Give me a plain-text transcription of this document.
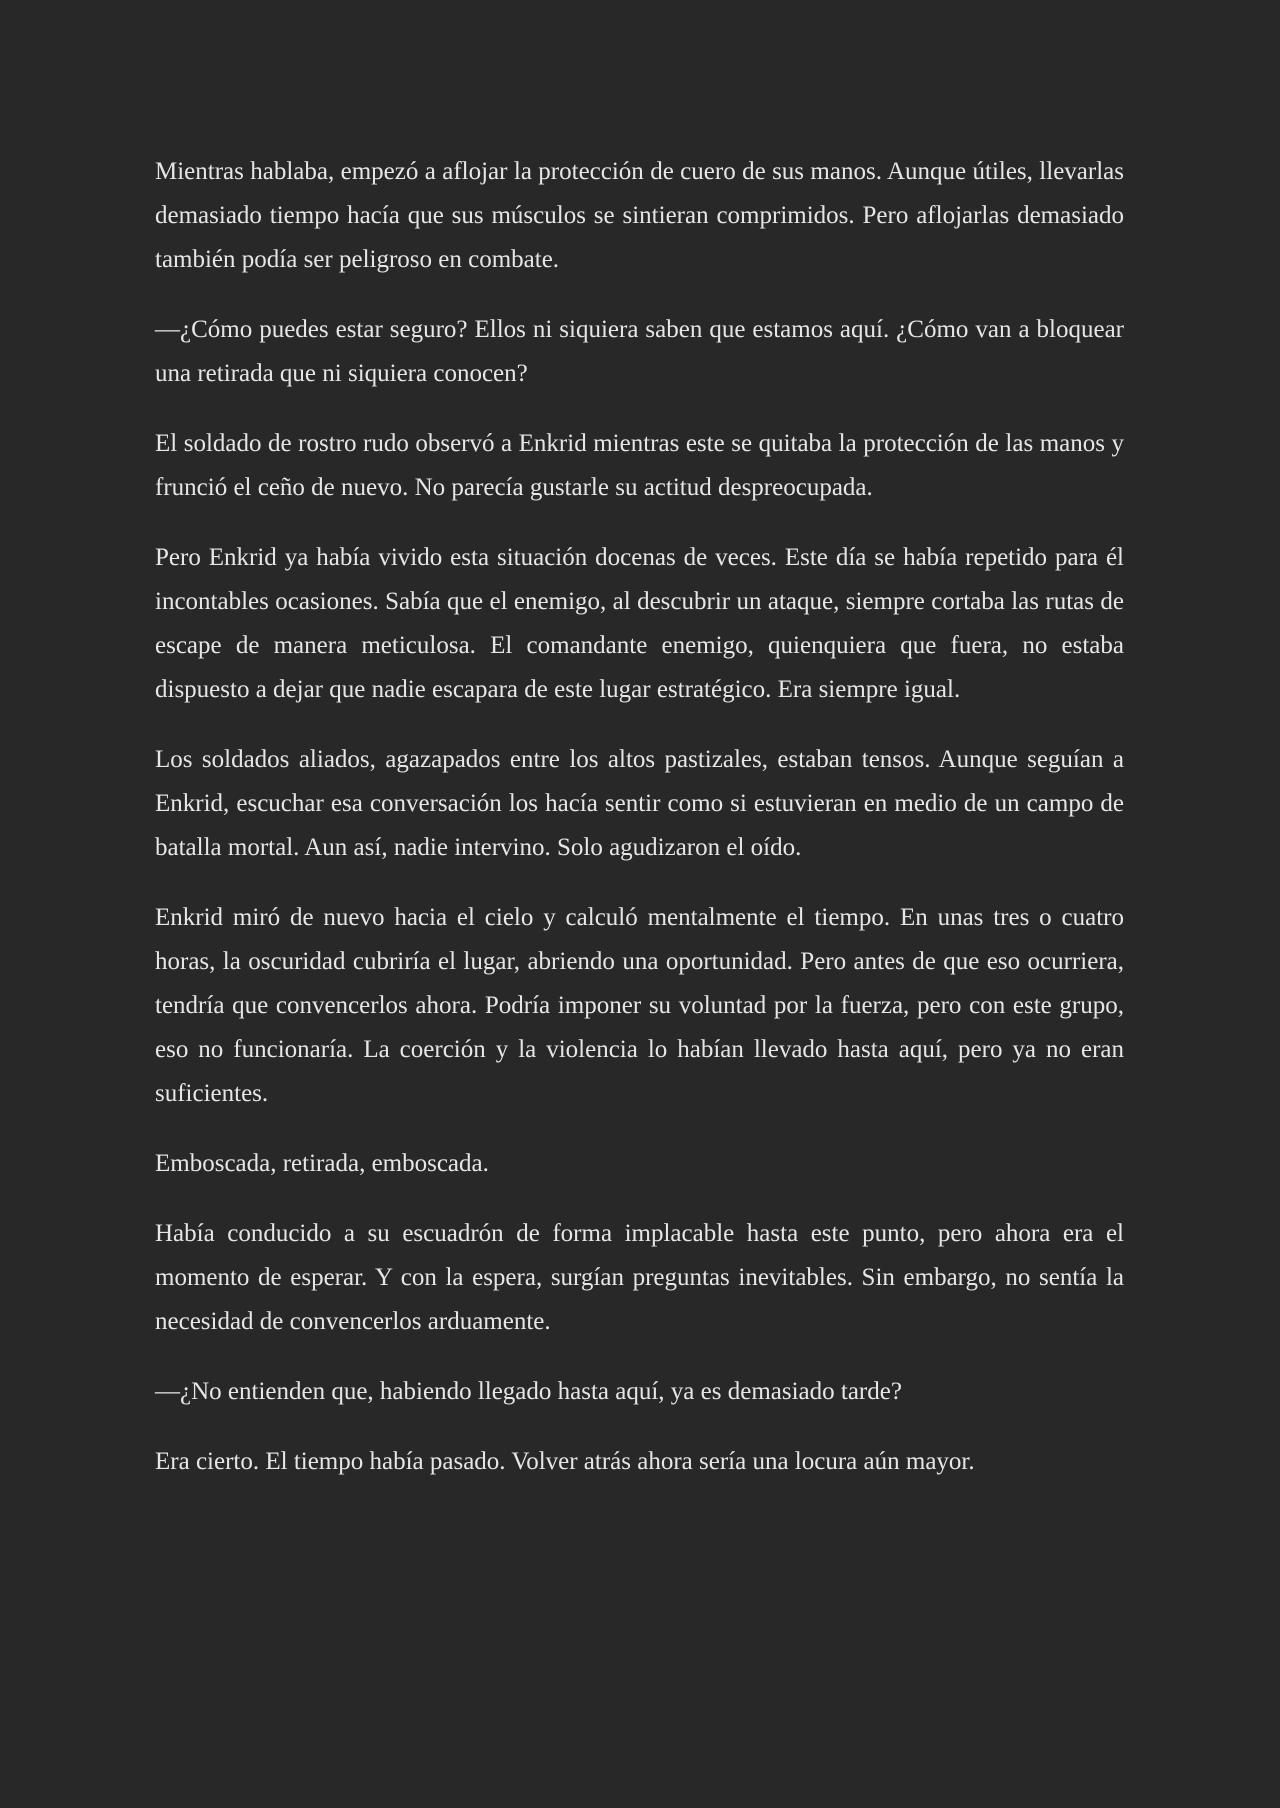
Mientras hablaba, empezó a aflojar la protección de cuero de sus manos. Aunque útiles, llevarlas demasiado tiempo hacía que sus músculos se sintieran comprimidos. Pero aflojarlas demasiado también podía ser peligroso en combate.

—¿Cómo puedes estar seguro? Ellos ni siquiera saben que estamos aquí. ¿Cómo van a bloquear una retirada que ni siquiera conocen?

El soldado de rostro rudo observó a Enkrid mientras este se quitaba la protección de las manos y frunció el ceño de nuevo. No parecía gustarle su actitud despreocupada.

Pero Enkrid ya había vivido esta situación docenas de veces. Este día se había repetido para él incontables ocasiones. Sabía que el enemigo, al descubrir un ataque, siempre cortaba las rutas de escape de manera meticulosa. El comandante enemigo, quienquiera que fuera, no estaba dispuesto a dejar que nadie escapara de este lugar estratégico. Era siempre igual.

Los soldados aliados, agazapados entre los altos pastizales, estaban tensos. Aunque seguían a Enkrid, escuchar esa conversación los hacía sentir como si estuvieran en medio de un campo de batalla mortal. Aun así, nadie intervino. Solo agudizaron el oído.

Enkrid miró de nuevo hacia el cielo y calculó mentalmente el tiempo. En unas tres o cuatro horas, la oscuridad cubriría el lugar, abriendo una oportunidad. Pero antes de que eso ocurriera, tendría que convencerlos ahora. Podría imponer su voluntad por la fuerza, pero con este grupo, eso no funcionaría. La coerción y la violencia lo habían llevado hasta aquí, pero ya no eran suficientes.

Emboscada, retirada, emboscada.

Había conducido a su escuadrón de forma implacable hasta este punto, pero ahora era el momento de esperar. Y con la espera, surgían preguntas inevitables. Sin embargo, no sentía la necesidad de convencerlos arduamente.

—¿No entienden que, habiendo llegado hasta aquí, ya es demasiado tarde?

Era cierto. El tiempo había pasado. Volver atrás ahora sería una locura aún mayor.
